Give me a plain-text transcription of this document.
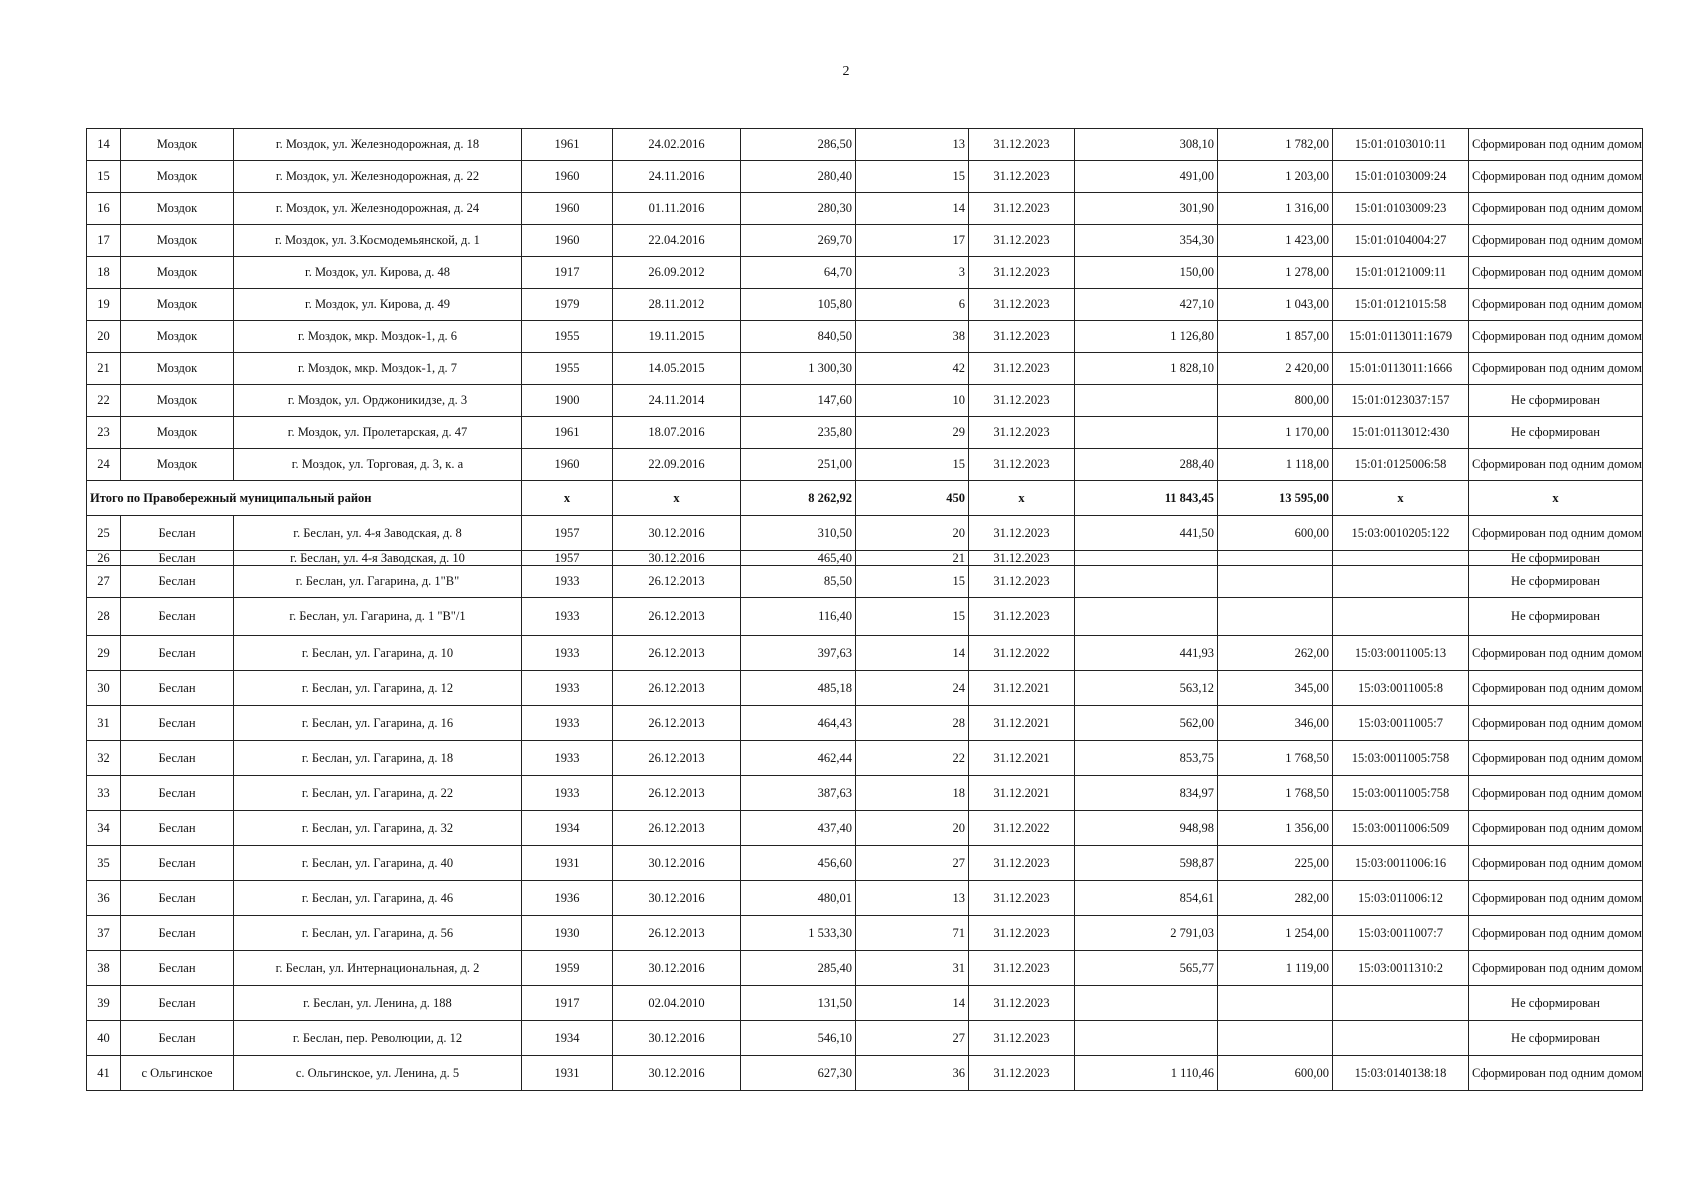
2
14	Моздок	г. Моздок, ул. Железнодорожная, д. 18	1961	24.02.2016	286,50	13	31.12.2023	308,10	1 782,00	15:01:0103010:11	Сформирован под одним домом
15	Моздок	г. Моздок, ул. Железнодорожная, д. 22	1960	24.11.2016	280,40	15	31.12.2023	491,00	1 203,00	15:01:0103009:24	Сформирован под одним домом
16	Моздок	г. Моздок, ул. Железнодорожная, д. 24	1960	01.11.2016	280,30	14	31.12.2023	301,90	1 316,00	15:01:0103009:23	Сформирован под одним домом
17	Моздок	г. Моздок, ул. З.Космодемьянской, д. 1	1960	22.04.2016	269,70	17	31.12.2023	354,30	1 423,00	15:01:0104004:27	Сформирован под одним домом
18	Моздок	г. Моздок, ул. Кирова, д. 48	1917	26.09.2012	64,70	3	31.12.2023	150,00	1 278,00	15:01:0121009:11	Сформирован под одним домом
19	Моздок	г. Моздок, ул. Кирова, д. 49	1979	28.11.2012	105,80	6	31.12.2023	427,10	1 043,00	15:01:0121015:58	Сформирован под одним домом
20	Моздок	г. Моздок, мкр. Моздок-1, д. 6	1955	19.11.2015	840,50	38	31.12.2023	1 126,80	1 857,00	15:01:0113011:1679	Сформирован под одним домом
21	Моздок	г. Моздок, мкр. Моздок-1, д. 7	1955	14.05.2015	1 300,30	42	31.12.2023	1 828,10	2 420,00	15:01:0113011:1666	Сформирован под одним домом
22	Моздок	г. Моздок, ул. Орджоникидзе, д. 3	1900	24.11.2014	147,60	10	31.12.2023		800,00	15:01:0123037:157	Не сформирован
23	Моздок	г. Моздок, ул. Пролетарская, д. 47	1961	18.07.2016	235,80	29	31.12.2023		1 170,00	15:01:0113012:430	Не сформирован
24	Моздок	г. Моздок, ул. Торговая, д. 3, к. а	1960	22.09.2016	251,00	15	31.12.2023	288,40	1 118,00	15:01:0125006:58	Сформирован под одним домом
Итого по Правобережный муниципальный район			х	х	8 262,92	450	х	11 843,45	13 595,00	х	х
25	Беслан	г. Беслан, ул. 4-я Заводская, д. 8	1957	30.12.2016	310,50	20	31.12.2023	441,50	600,00	15:03:0010205:122	Сформирован под одним домом
26	Беслан	г. Беслан, ул. 4-я Заводская, д. 10	1957	30.12.2016	465,40	21	31.12.2023				Не сформирован
27	Беслан	г. Беслан, ул. Гагарина, д. 1"В"	1933	26.12.2013	85,50	15	31.12.2023				Не сформирован
28	Беслан	г. Беслан, ул. Гагарина, д. 1 "В"/1	1933	26.12.2013	116,40	15	31.12.2023				Не сформирован
29	Беслан	г. Беслан, ул. Гагарина, д. 10	1933	26.12.2013	397,63	14	31.12.2022	441,93	262,00	15:03:0011005:13	Сформирован под одним домом
30	Беслан	г. Беслан, ул. Гагарина, д. 12	1933	26.12.2013	485,18	24	31.12.2021	563,12	345,00	15:03:0011005:8	Сформирован под одним домом
31	Беслан	г. Беслан, ул. Гагарина, д. 16	1933	26.12.2013	464,43	28	31.12.2021	562,00	346,00	15:03:0011005:7	Сформирован под одним домом
32	Беслан	г. Беслан, ул. Гагарина, д. 18	1933	26.12.2013	462,44	22	31.12.2021	853,75	1 768,50	15:03:0011005:758	Сформирован под одним домом
33	Беслан	г. Беслан, ул. Гагарина, д. 22	1933	26.12.2013	387,63	18	31.12.2021	834,97	1 768,50	15:03:0011005:758	Сформирован под одним домом
34	Беслан	г. Беслан, ул. Гагарина, д. 32	1934	26.12.2013	437,40	20	31.12.2022	948,98	1 356,00	15:03:0011006:509	Сформирован под одним домом
35	Беслан	г. Беслан, ул. Гагарина, д. 40	1931	30.12.2016	456,60	27	31.12.2023	598,87	225,00	15:03:0011006:16	Сформирован под одним домом
36	Беслан	г. Беслан, ул. Гагарина, д. 46	1936	30.12.2016	480,01	13	31.12.2023	854,61	282,00	15:03:011006:12	Сформирован под одним домом
37	Беслан	г. Беслан, ул. Гагарина, д. 56	1930	26.12.2013	1 533,30	71	31.12.2023	2 791,03	1 254,00	15:03:0011007:7	Сформирован под одним домом
38	Беслан	г. Беслан, ул. Интернациональная, д. 2	1959	30.12.2016	285,40	31	31.12.2023	565,77	1 119,00	15:03:0011310:2	Сформирован под одним домом
39	Беслан	г. Беслан, ул. Ленина, д. 188	1917	02.04.2010	131,50	14	31.12.2023				Не сформирован
40	Беслан	г. Беслан, пер. Революции, д. 12	1934	30.12.2016	546,10	27	31.12.2023				Не сформирован
41	с Ольгинское	с. Ольгинское, ул. Ленина, д. 5	1931	30.12.2016	627,30	36	31.12.2023	1 110,46	600,00	15:03:0140138:18	Сформирован под одним домом
